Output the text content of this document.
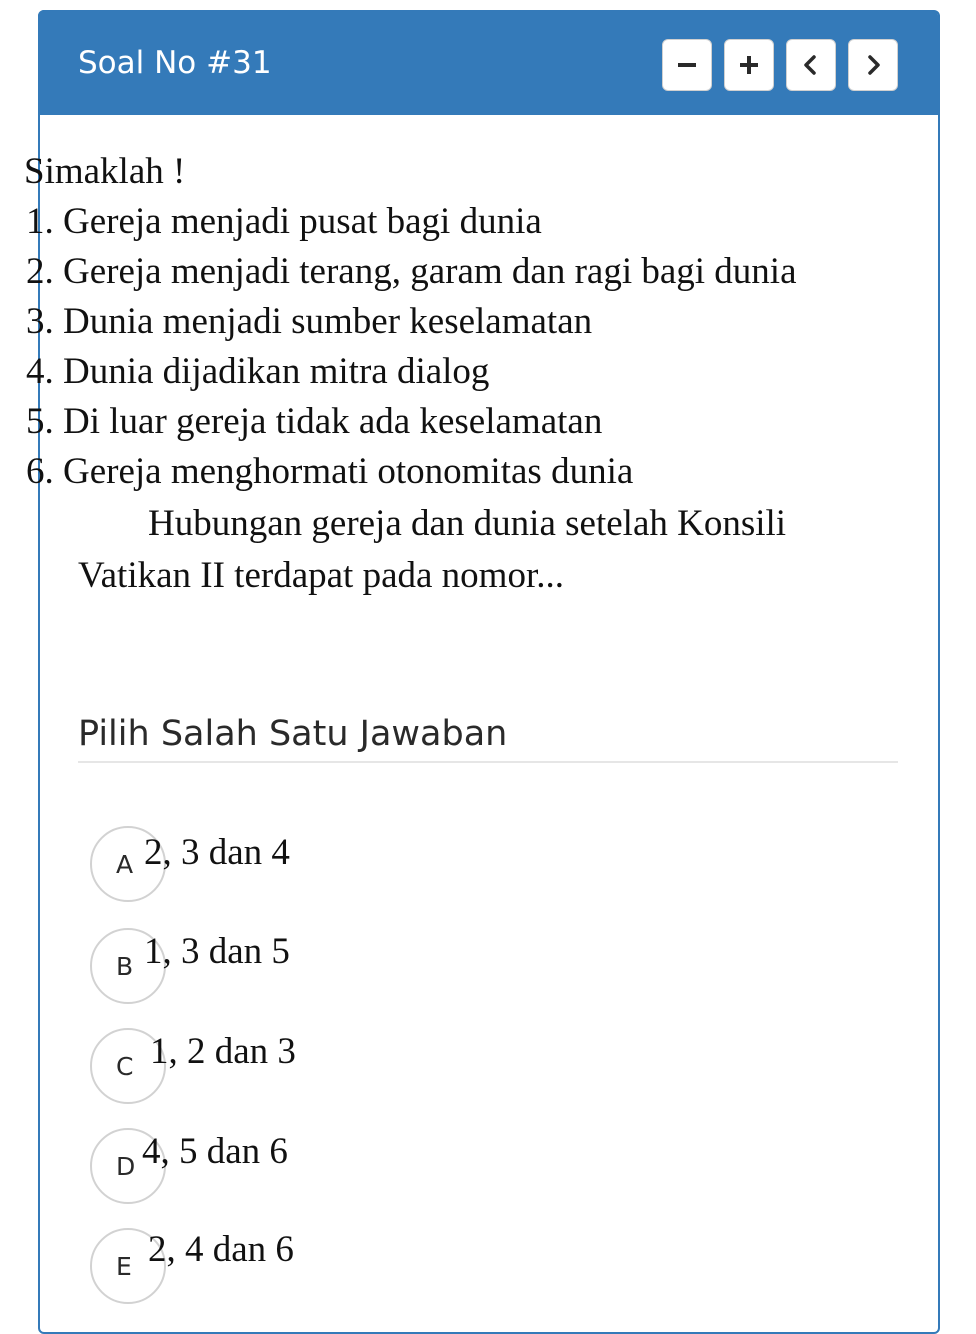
Soal No #31
Simaklah !
1. Gereja menjadi pusat bagi dunia
2. Gereja menjadi terang, garam dan ragi bagi dunia
3. Dunia menjadi sumber keselamatan
4. Dunia dijadikan mitra dialog
5. Di luar gereja tidak ada keselamatan
6. Gereja menghormati otonomitas dunia
Hubungan gereja dan dunia setelah Konsili
Vatikan II terdapat pada nomor...
Pilih Salah Satu Jawaban
A 2, 3 dan 4
B 1, 3 dan 5
C 1, 2 dan 3
D 4, 5 dan 6
E 2, 4 dan 6
